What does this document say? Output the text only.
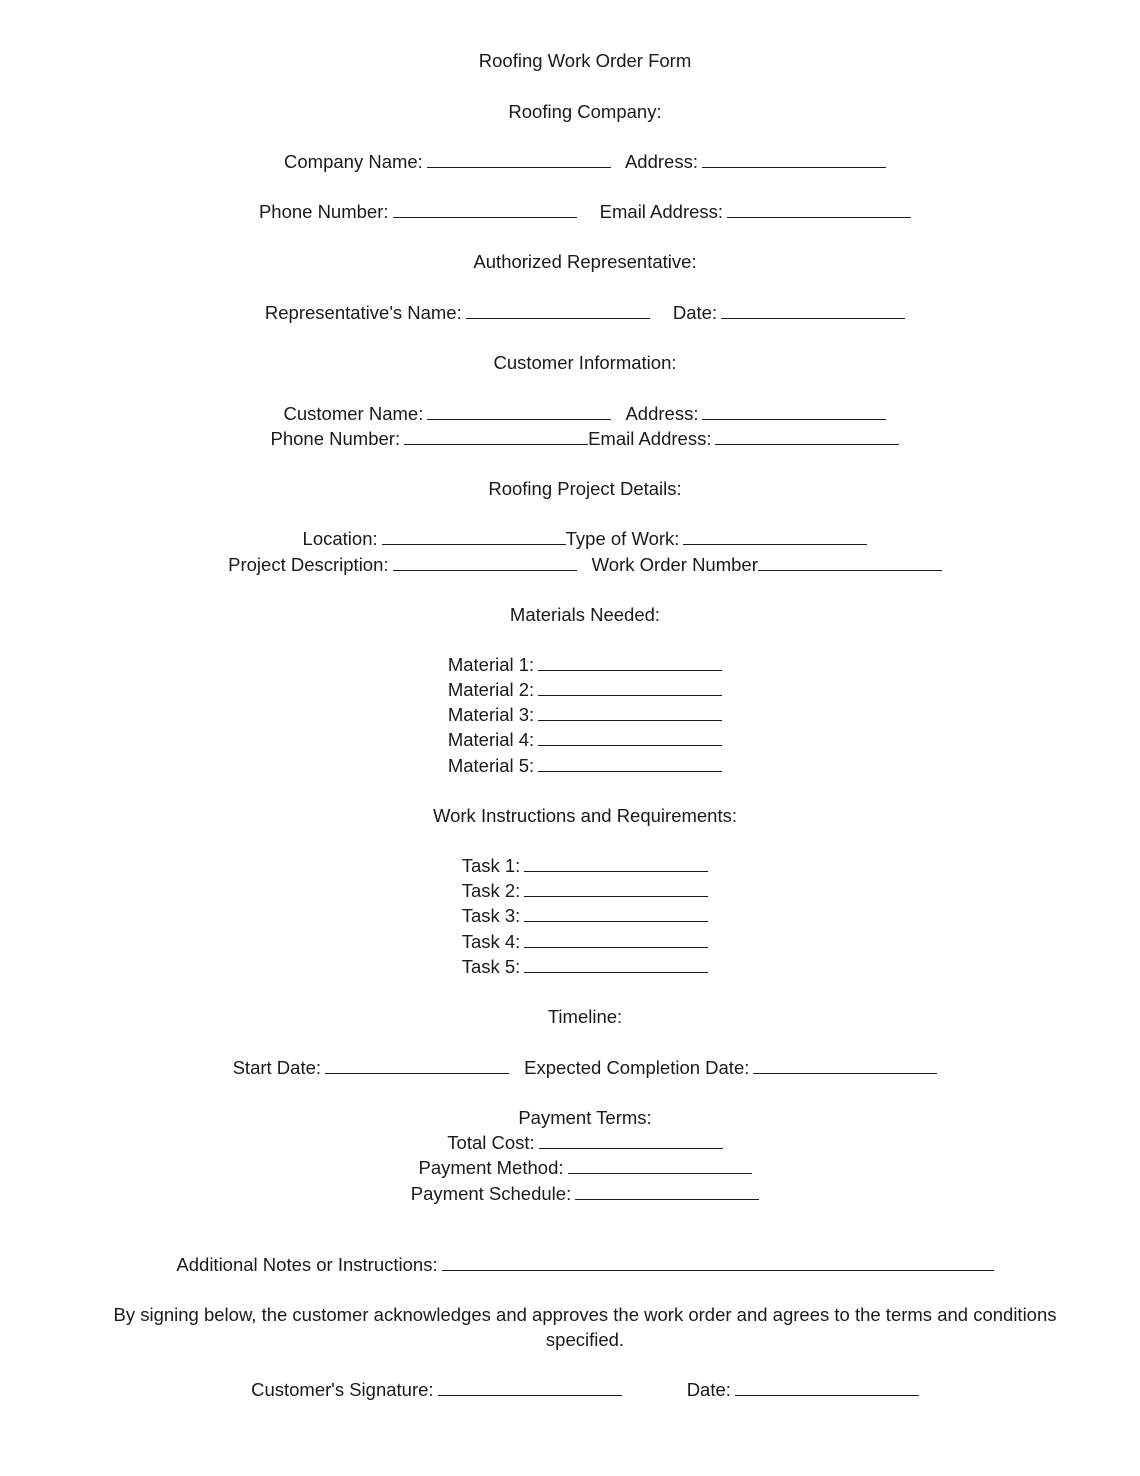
Roofing Work Order Form
Roofing Company:
Company Name:	Address:
Phone Number:	Email Address:
Authorized Representative:
Representative's Name:	Date:
Customer Information:
Customer Name:	Address:
Phone Number:	Email Address:
Roofing Project Details:
Location:	Type of Work:
Project Description:	Work Order Number
Materials Needed:
Material 1:
Material 2:
Material 3:
Material 4:
Material 5:
Work Instructions and Requirements:
Task 1:
Task 2:
Task 3:
Task 4:
Task 5:
Timeline:
Start Date:	Expected Completion Date:
Payment Terms:
Total Cost:
Payment Method:
Payment Schedule:
Additional Notes or Instructions:
By signing below, the customer acknowledges and approves the work order and agrees to the terms and conditions
specified.
Customer's Signature:	Date:
